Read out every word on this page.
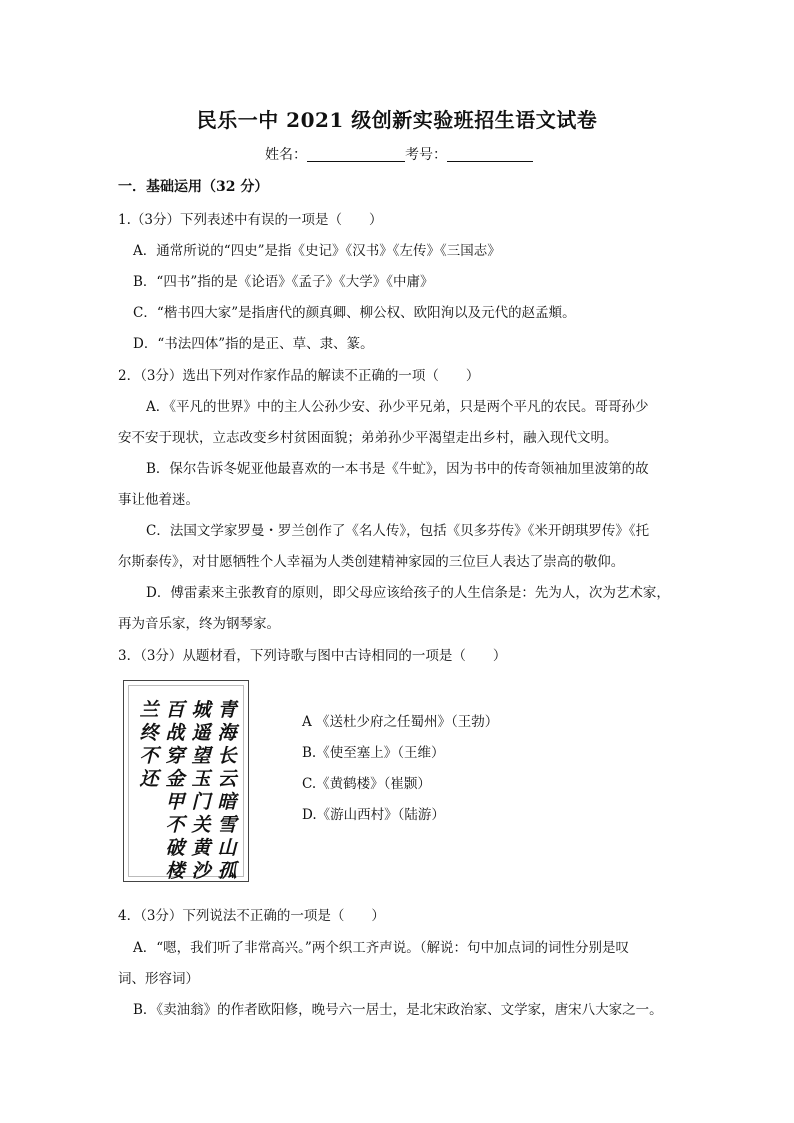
民乐一中 2021 级创新实验班招生语文试卷
姓名：	考号：
一．基础运用（32 分）
1.（3分）下列表述中有误的一项是（　　）
A．通常所说的“四史”是指《史记》《汉书》《左传》《三国志》
B．“四书”指的是《论语》《孟子》《大学》《中庸》
C．“楷书四大家”是指唐代的颜真卿、柳公权、欧阳洵以及元代的赵孟頫。
D．“书法四体”指的是正、草、隶、篆。
2．（3分）选出下列对作家作品的解读不正确的一项（　　）
A．《平凡的世界》中的主人公孙少安、孙少平兄弟，只是两个平凡的农民。哥哥孙少
安不安于现状，立志改变乡村贫困面貌；弟弟孙少平渴望走出乡村，融入现代文明。
B．保尔告诉冬妮亚他最喜欢的一本书是《牛虻》，因为书中的传奇领袖加里波第的故
事让他着迷。
C．法国文学家罗曼・罗兰创作了《名人传》，包括《贝多芬传》《米开朗琪罗传》《托
尔斯泰传》，对甘愿牺牲个人幸福为人类创建精神家园的三位巨人表达了崇高的敬仰。
D．傅雷素来主张教育的原则，即父母应该给孩子的人生信条是：先为人，次为艺术家，
再为音乐家，终为钢琴家。
3．（3分）从题材看，下列诗歌与图中古诗相同的一项是（　　）
青海长云暗雪山孤
城遥望玉门关黄沙
百战穿金甲不破楼
兰终不还
A 《送杜少府之任蜀州》（王勃）
B.《使至塞上》（王维）
C.《黄鹤楼》（崔颢）
D.《游山西村》（陆游）
4．（3分）下列说法不正确的一项是（　　）
A．“嗯，我们听了非常高兴。”两个织工齐声说。（解说：句中加点词的词性分别是叹
词、形容词）
B．《卖油翁》的作者欧阳修，晚号六一居士，是北宋政治家、文学家，唐宋八大家之一。
